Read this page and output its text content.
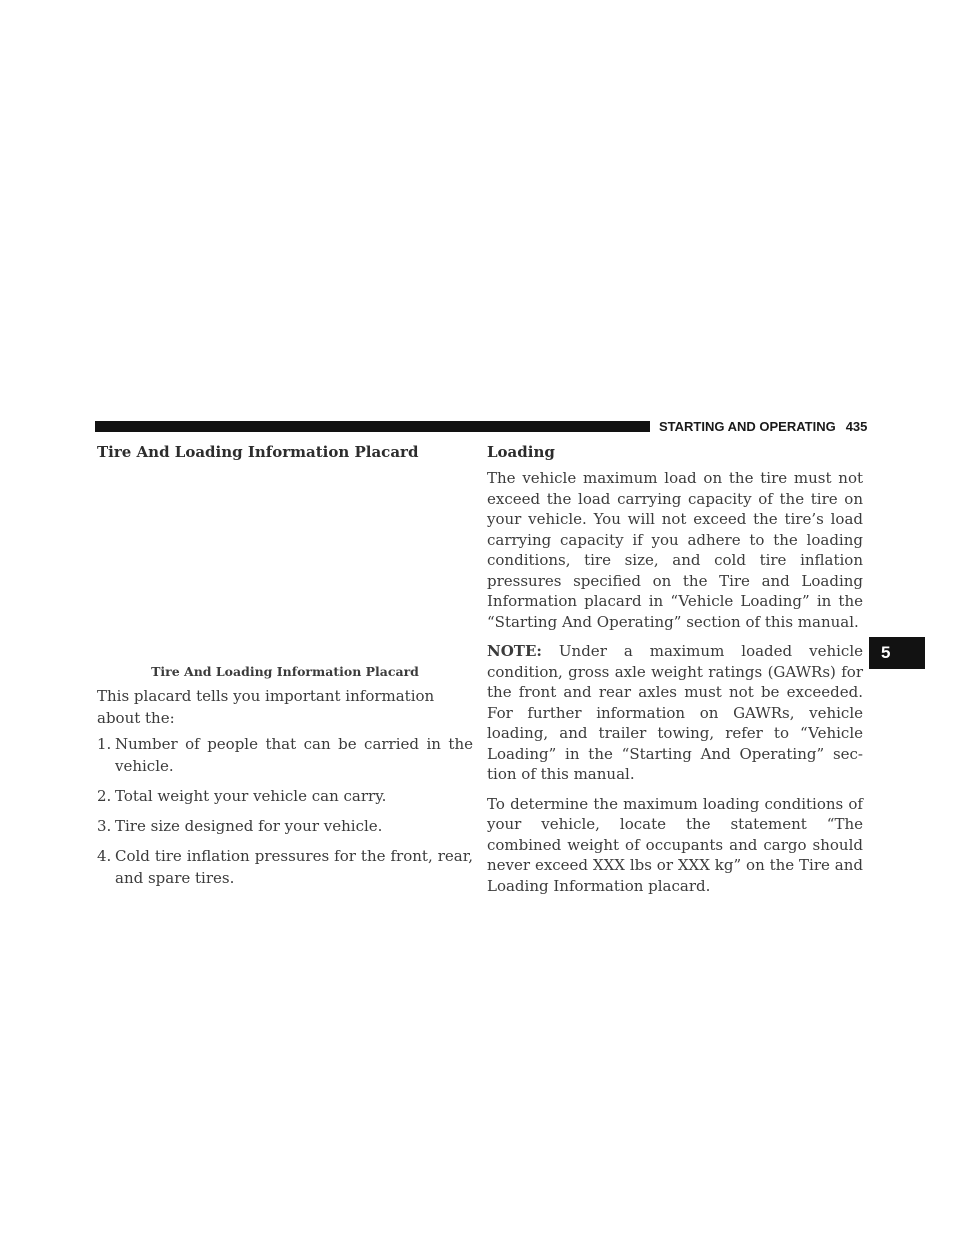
STARTING AND OPERATING 435
5
Tire And Loading Information Placard

Tire And Loading Information Placard

This placard tells you important information about the:

1. Number of people that can be carried in the vehicle.
2. Total weight your vehicle can carry.
3. Tire size designed for your vehicle.
4. Cold tire inflation pressures for the front, rear, and spare tires.
Loading

The vehicle maximum load on the tire must not exceed the load carrying capacity of the tire on your vehicle. You will not exceed the tire’s load carrying capacity if you adhere to the loading conditions, tire size, and cold tire inflation pressures specified on the Tire and Loading Information placard in “Vehicle Loading” in the “Starting And Operating” section of this manual.

NOTE: Under a maximum loaded vehicle condition, gross axle weight ratings (GAWRs) for the front and rear axles must not be exceeded. For further information on GAWRs, vehicle loading, and trailer towing, refer to “Vehicle Loading” in the “Starting And Operating” sec-tion of this manual.

To determine the maximum loading conditions of your vehicle, locate the statement “The combined weight of occupants and cargo should never exceed XXX lbs or XXX kg” on the Tire and Loading Information placard.
